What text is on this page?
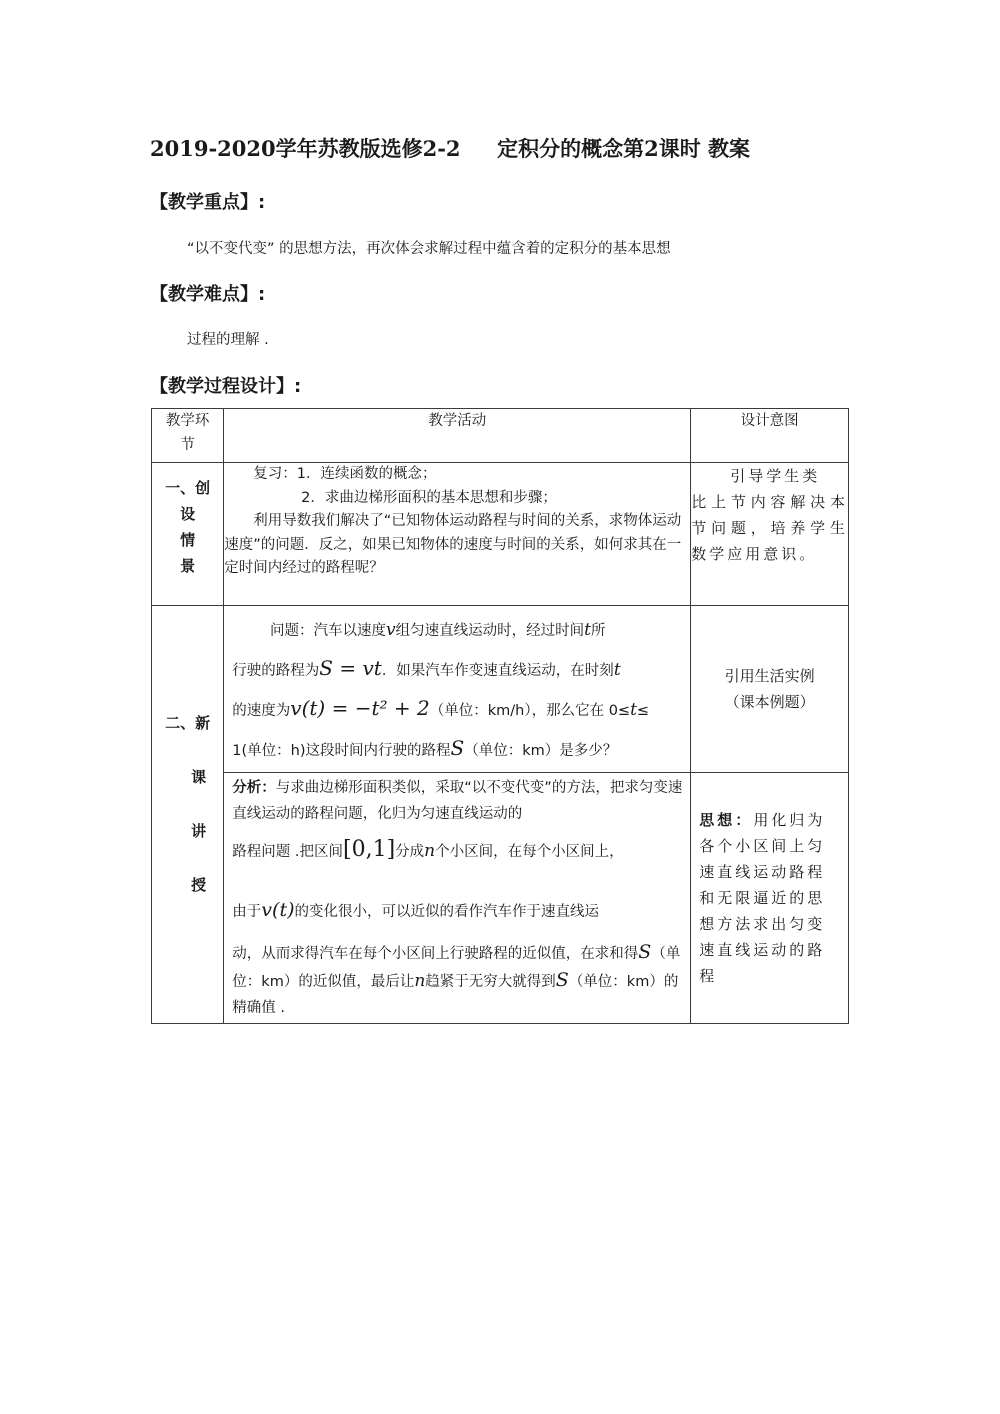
2019-2020学年苏教版选修2-2     定积分的概念第2课时 教案
【教学重点】:
“以不变代变” 的思想方法，再次体会求解过程中蕴含着的定积分的基本思想
【教学难点】:
过程的理解 .
【教学过程设计】:
教学环
节	教学活动	设计意图
一、创
设
情
景	复习：1．连续函数的概念；
2．求曲边梯形面积的基本思想和步骤；
利用导数我们解决了“已知物体运动路程与时间的关系，求物体运动速度”的问题．反之，如果已知物体的速度与时间的关系，如何求其在一定时间内经过的路程呢？	引导学生类
比上节内容解决本节问题，培养学生数学应用意识。

二、新
课
讲
授	问题：汽车以速度v组匀速直线运动时，经过时间t所
行驶的路程为S = vt．如果汽车作变速直线运动，在时刻t
的速度为v(t) = −t² + 2（单位：km/h），那么它在 0≤t≤
1(单位：h)这段时间内行驶的路程S（单位：km）是多少？	引用生活实例
（课本例题）
	分析：与求曲边梯形面积类似，采取“以不变代变”的方法，把求匀变速直线运动的路程问题，化归为匀速直线运动的

路程问题 .把区间[0,1]分成n个小区间，在每个小区间上，
由于v(t)的变化很小，可以近似的看作汽车作于速直线运
动，从而求得汽车在每个小区间上行驶路程的近似值，在求和得S（单位：km）的近似值，最后让n趋紧于无穷大就得到S（单位：km）的精确值 .	思想：用化归为各个小区间上匀速直线运动路程和无限逼近的思想方法求出匀变速直线运动的路程
